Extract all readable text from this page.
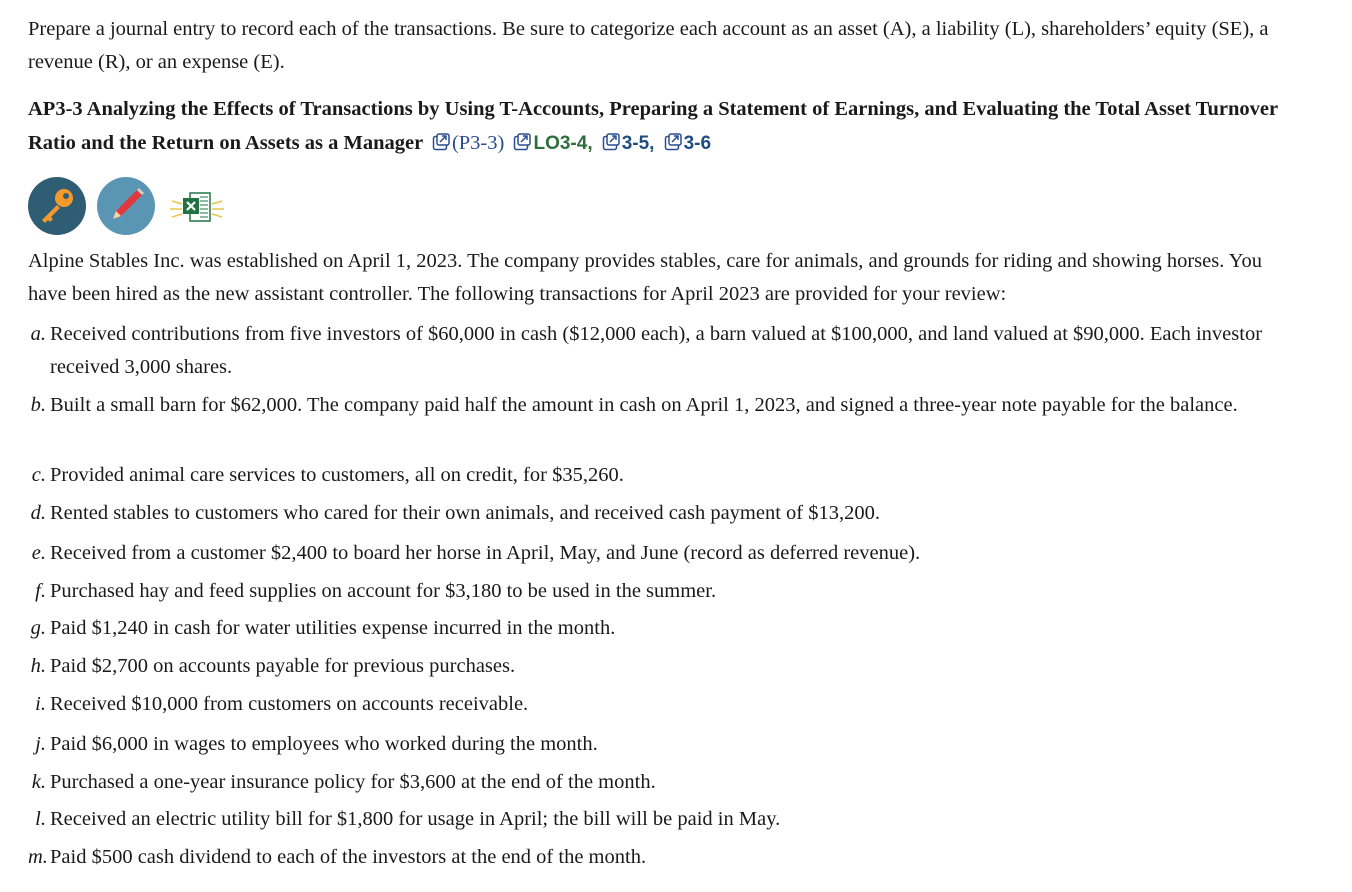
Prepare a journal entry to record each of the transactions. Be sure to categorize each account as an asset (A), a liability (L), shareholders’ equity (SE), a revenue (R), or an expense (E).
AP3-3 Analyzing the Effects of Transactions by Using T-Accounts, Preparing a Statement of Earnings, and Evaluating the Total Asset Turnover Ratio and the Return on Assets as a Manager (P3-3) LO3-4, 3-5, 3-6
Alpine Stables Inc. was established on April 1, 2023. The company provides stables, care for animals, and grounds for riding and showing horses. You have been hired as the new assistant controller. The following transactions for April 2023 are provided for your review:
a. Received contributions from five investors of $60,000 in cash ($12,000 each), a barn valued at $100,000, and land valued at $90,000. Each investor received 3,000 shares.
b. Built a small barn for $62,000. The company paid half the amount in cash on April 1, 2023, and signed a three-year note payable for the balance.
c. Provided animal care services to customers, all on credit, for $35,260.
d. Rented stables to customers who cared for their own animals, and received cash payment of $13,200.
e. Received from a customer $2,400 to board her horse in April, May, and June (record as deferred revenue).
f. Purchased hay and feed supplies on account for $3,180 to be used in the summer.
g. Paid $1,240 in cash for water utilities expense incurred in the month.
h. Paid $2,700 on accounts payable for previous purchases.
i. Received $10,000 from customers on accounts receivable.
j. Paid $6,000 in wages to employees who worked during the month.
k. Purchased a one-year insurance policy for $3,600 at the end of the month.
l. Received an electric utility bill for $1,800 for usage in April; the bill will be paid in May.
m. Paid $500 cash dividend to each of the investors at the end of the month.
